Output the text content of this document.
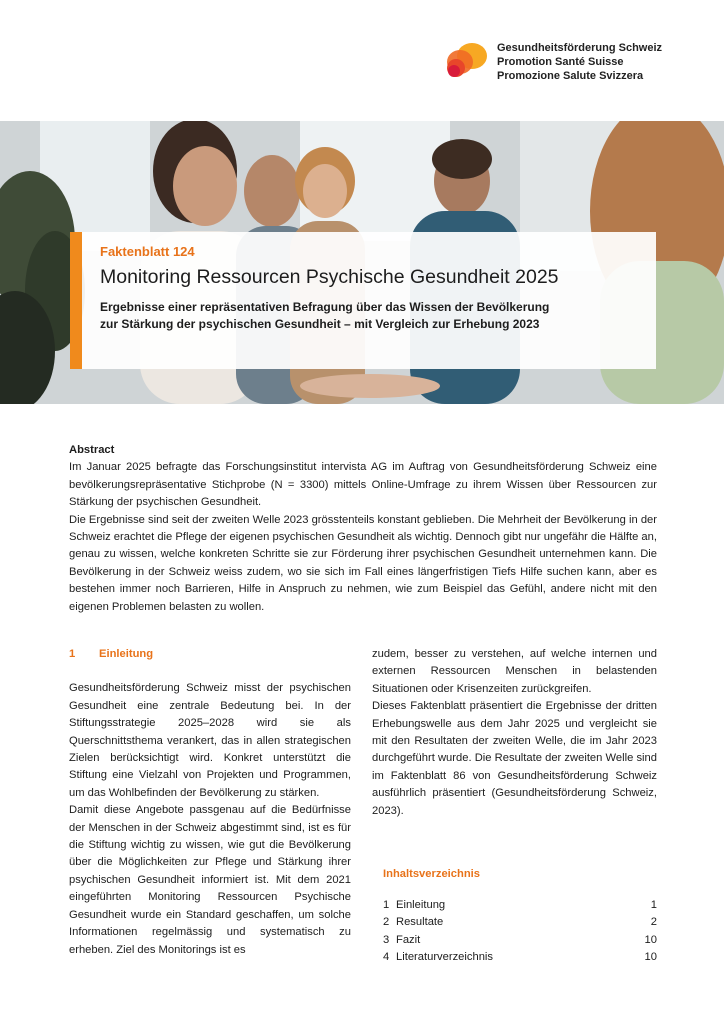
Gesundheitsförderung Schweiz
Promotion Santé Suisse
Promozione Salute Svizzera
Faktenblatt 124
Monitoring Ressourcen Psychische Gesundheit 2025
Ergebnisse einer repräsentativen Befragung über das Wissen der Bevölkerung
zur Stärkung der psychischen Gesundheit – mit Vergleich zur Erhebung 2023
Abstract

Im Januar 2025 befragte das Forschungsinstitut intervista AG im Auftrag von Gesundheitsförderung Schweiz eine bevölkerungsrepräsentative Stichprobe (N = 3300) mittels Online-Umfrage zu ihrem Wissen über Ressourcen zur Stärkung der psychischen Gesundheit.

Die Ergebnisse sind seit der zweiten Welle 2023 grösstenteils konstant geblieben. Die Mehrheit der Bevölkerung in der Schweiz erachtet die Pflege der eigenen psychischen Gesundheit als wichtig. Dennoch gibt nur ungefähr die Hälfte an, genau zu wissen, welche konkreten Schritte sie zur Förderung ihrer psychischen Gesundheit unternehmen kann. Die Bevölkerung in der Schweiz weiss zudem, wo sie sich im Fall eines längerfristigen Tiefs Hilfe suchen kann, aber es bestehen immer noch Barrieren, Hilfe in Anspruch zu nehmen, wie zum Beispiel das Gefühl, andere nicht mit den eigenen Problemen belasten zu wollen.

1 Einleitung

Gesundheitsförderung Schweiz misst der psychischen Gesundheit eine zentrale Bedeutung bei. In der Stiftungsstrategie 2025–2028 wird sie als Querschnittsthema verankert, das in allen strategischen Zielen berücksichtigt wird. Konkret unterstützt die Stiftung eine Vielzahl von Projekten und Programmen, um das Wohlbefinden der Bevölkerung zu stärken.

Damit diese Angebote passgenau auf die Bedürfnisse der Menschen in der Schweiz abgestimmt sind, ist es für die Stiftung wichtig zu wissen, wie gut die Bevölkerung über die Möglichkeiten zur Pflege und Stärkung ihrer psychischen Gesundheit informiert ist. Mit dem 2021 eingeführten Monitoring Ressourcen Psychische Gesundheit wurde ein Standard geschaffen, um solche Informationen regelmässig und systematisch zu erheben. Ziel des Monitorings ist es

zudem, besser zu verstehen, auf welche internen und externen Ressourcen Menschen in belastenden Situationen oder Krisenzeiten zurückgreifen.

Dieses Faktenblatt präsentiert die Ergebnisse der dritten Erhebungswelle aus dem Jahr 2025 und vergleicht sie mit den Resultaten der zweiten Welle, die im Jahr 2023 durchgeführt wurde. Die Resultate der zweiten Welle sind im Faktenblatt 86 von Gesundheitsförderung Schweiz ausführlich präsentiert (Gesundheitsförderung Schweiz, 2023).

Inhaltsverzeichnis
1 Einleitung	1
2 Resultate	2
3 Fazit	10
4 Literaturverzeichnis	10
